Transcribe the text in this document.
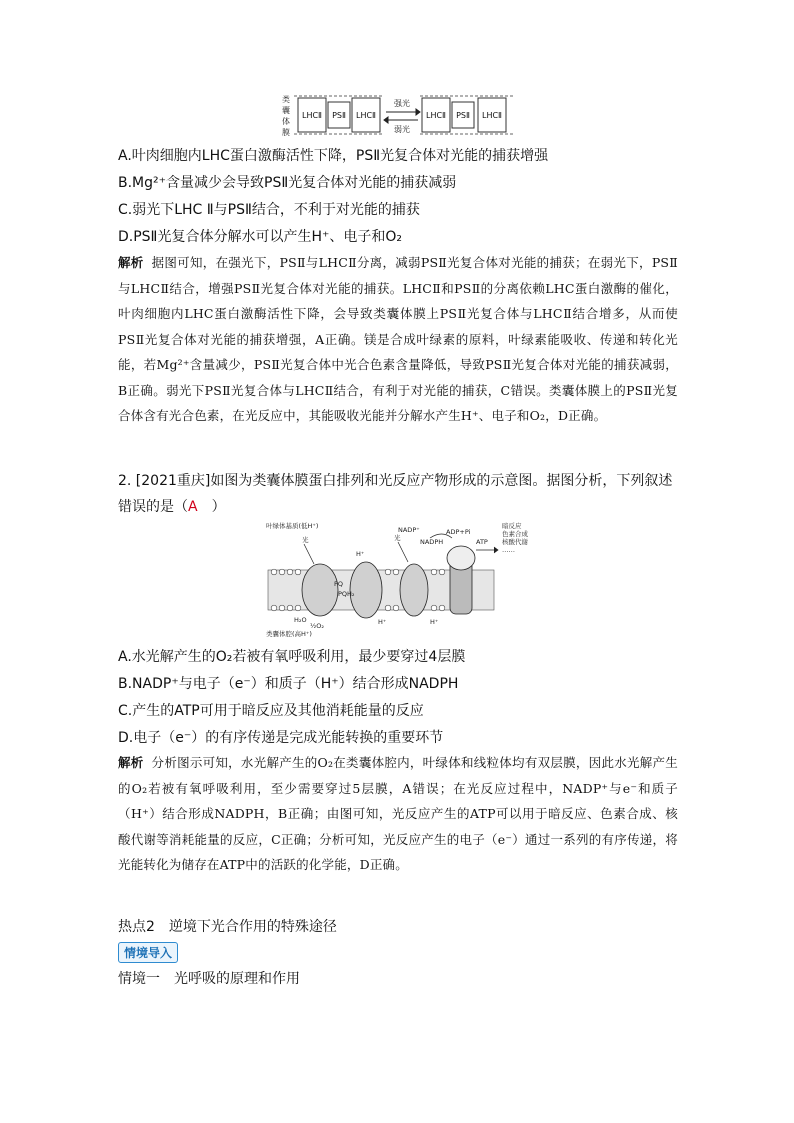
类
囊
体
膜
LHCⅡ PSⅡ LHCⅡ	LHCⅡ PSⅡ LHCⅡ
强光
弱光
A.叶肉细胞内LHC蛋白激酶活性下降，PSⅡ光复合体对光能的捕获增强
B.Mg²⁺含量减少会导致PSⅡ光复合体对光能的捕获减弱
C.弱光下LHC Ⅱ与PSⅡ结合，不利于对光能的捕获
D.PSⅡ光复合体分解水可以产生H⁺、电子和O₂
解析 据图可知，在强光下，PSⅡ与LHCⅡ分离，减弱PSⅡ光复合体对光能的捕获；在弱光下，PSⅡ与LHCⅡ结合，增强PSⅡ光复合体对光能的捕获。LHCⅡ和PSⅡ的分离依赖LHC蛋白激酶的催化，叶肉细胞内LHC蛋白激酶活性下降，会导致类囊体膜上PSⅡ光复合体与LHCⅡ结合增多，从而使PSⅡ光复合体对光能的捕获增强，A正确。镁是合成叶绿素的原料，叶绿素能吸收、传递和转化光能，若Mg²⁺含量减少，PSⅡ光复合体中光合色素含量降低，导致PSⅡ光复合体对光能的捕获减弱，B正确。弱光下PSⅡ光复合体与LHCⅡ结合，有利于对光能的捕获，C错误。类囊体膜上的PSⅡ光复合体含有光合色素，在光反应中，其能吸收光能并分解水产生H⁺、电子和O₂，D正确。
2. [2021重庆]如图为类囊体膜蛋白排列和光反应产物形成的示意图。据图分析，下列叙述错误的是（A　 ）
叶绿体基质(低H⁺)
类囊体腔(高H⁺)
光	光
NADP⁺
NADPH
ADP+Pi
ATP
暗反应
色素合成
核酸代谢
……
PQ
PQH₂
H₂O
½O₂	H⁺	H⁺
H⁺
A.水光解产生的O₂若被有氧呼吸利用，最少要穿过4层膜
B.NADP⁺与电子（e⁻）和质子（H⁺）结合形成NADPH
C.产生的ATP可用于暗反应及其他消耗能量的反应
D.电子（e⁻）的有序传递是完成光能转换的重要环节
解析 分析图示可知，水光解产生的O₂在类囊体腔内，叶绿体和线粒体均有双层膜，因此水光解产生的O₂若被有氧呼吸利用，至少需要穿过5层膜，A错误；在光反应过程中，NADP⁺与e⁻和质子（H⁺）结合形成NADPH，B正确；由图可知，光反应产生的ATP可以用于暗反应、色素合成、核酸代谢等消耗能量的反应，C正确；分析可知，光反应产生的电子（e⁻）通过一系列的有序传递，将光能转化为储存在ATP中的活跃的化学能，D正确。
热点2　逆境下光合作用的特殊途径
情境导入
情境一　光呼吸的原理和作用
